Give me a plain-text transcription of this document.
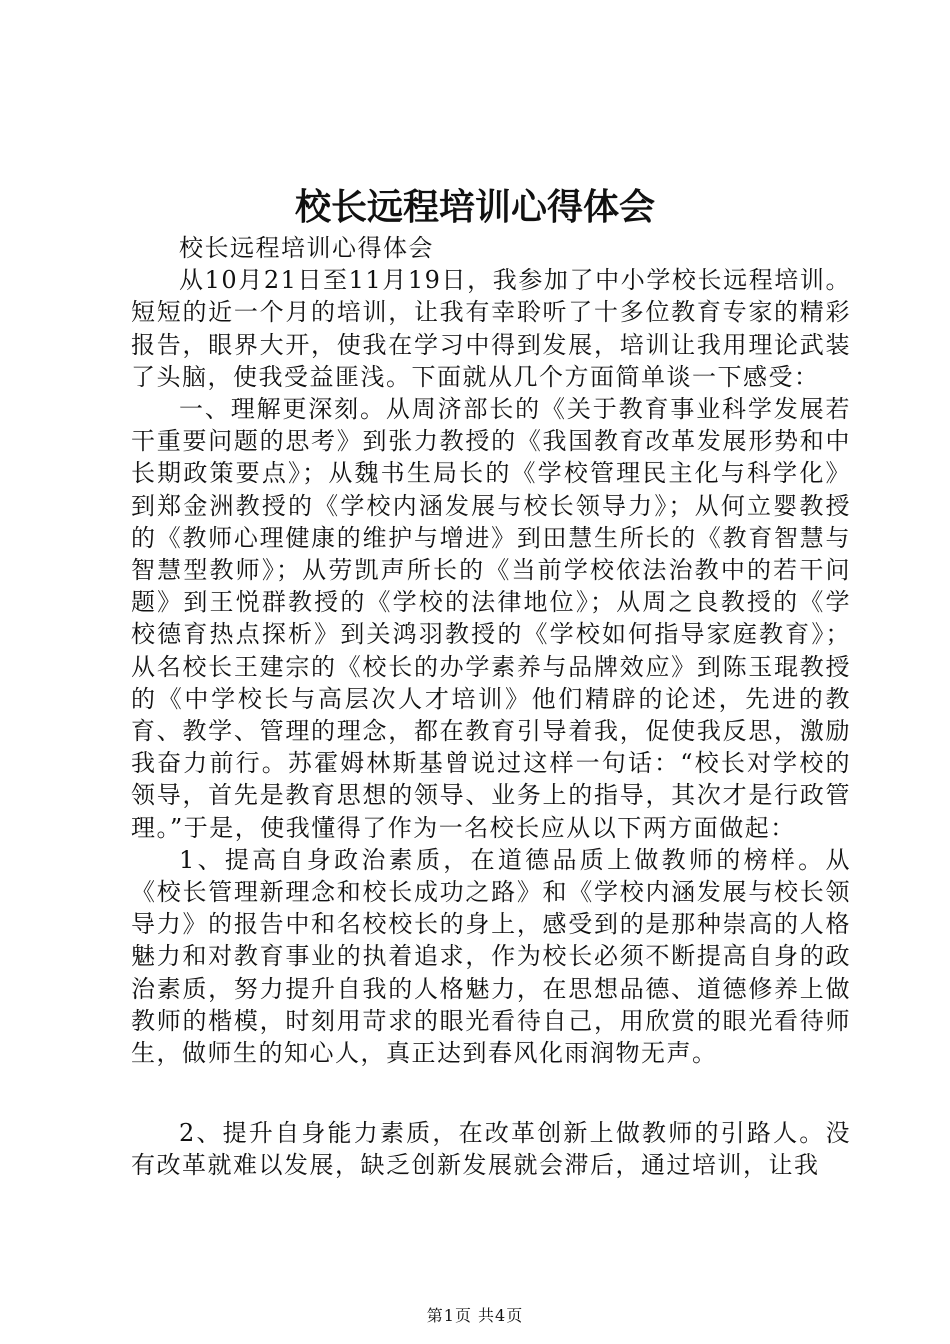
校长远程培训心得体会

校长远程培训心得体会

从10月21日至11月19日，我参加了中小学校长远程培训。短短的近一个月的培训，让我有幸聆听了十多位教育专家的精彩报告，眼界大开，使我在学习中得到发展，培训让我用理论武装了头脑，使我受益匪浅。下面就从几个方面简单谈一下感受：

一、理解更深刻。从周济部长的《关于教育事业科学发展若干重要问题的思考》到张力教授的《我国教育改革发展形势和中长期政策要点》；从魏书生局长的《学校管理民主化与科学化》到郑金洲教授的《学校内涵发展与校长领导力》；从何立婴教授的《教师心理健康的维护与增进》到田慧生所长的《教育智慧与智慧型教师》；从劳凯声所长的《当前学校依法治教中的若干问题》到王悦群教授的《学校的法律地位》；从周之良教授的《学校德育热点探析》到关鸿羽教授的《学校如何指导家庭教育》；从名校长王建宗的《校长的办学素养与品牌效应》到陈玉琨教授的《中学校长与高层次人才培训》他们精辟的论述，先进的教育、教学、管理的理念，都在教育引导着我，促使我反思，激励我奋力前行。苏霍姆林斯基曾说过这样一句话：“校长对学校的领导，首先是教育思想的领导、业务上的指导，其次才是行政管理。”于是，使我懂得了作为一名校长应从以下两方面做起：

1、提高自身政治素质，在道德品质上做教师的榜样。从《校长管理新理念和校长成功之路》和《学校内涵发展与校长领导力》的报告中和名校校长的身上，感受到的是那种崇高的人格魅力和对教育事业的执着追求，作为校长必须不断提高自身的政治素质，努力提升自我的人格魅力，在思想品德、道德修养上做教师的楷模，时刻用苛求的眼光看待自己，用欣赏的眼光看待师生，做师生的知心人，真正达到春风化雨润物无声。

2、提升自身能力素质，在改革创新上做教师的引路人。没有改革就难以发展，缺乏创新发展就会滞后，通过培训，让我

第1页 共4页
